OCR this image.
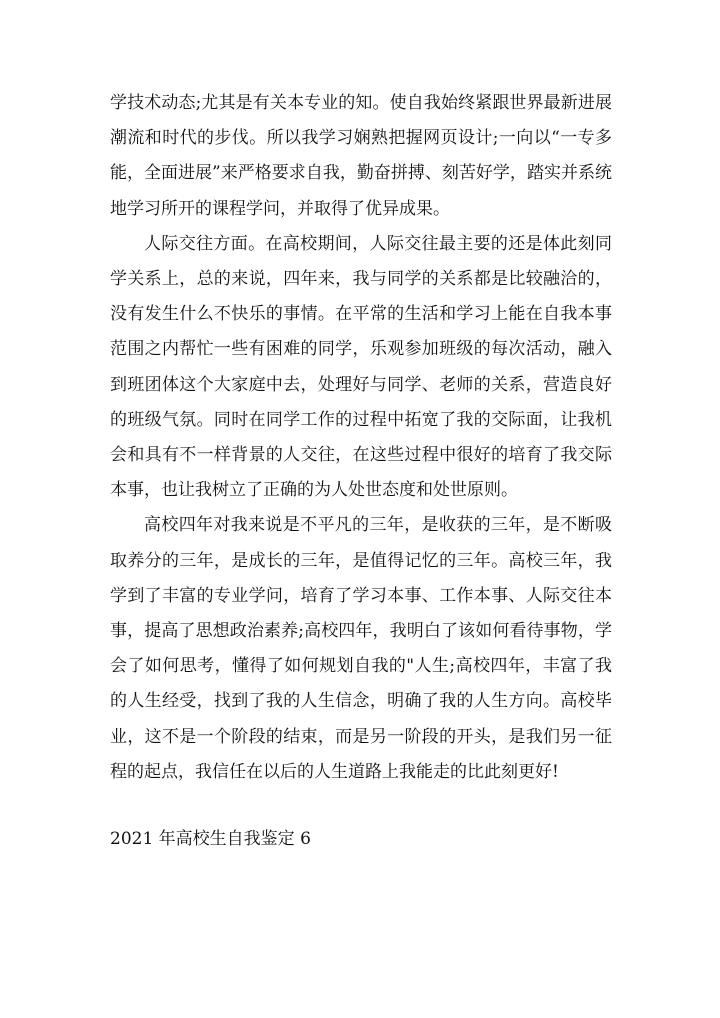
学技术动态;尤其是有关本专业的知。使自我始终紧跟世界最新进展潮流和时代的步伐。所以我学习娴熟把握网页设计;一向以“一专多能，全面进展”来严格要求自我，勤奋拼搏、刻苦好学，踏实并系统地学习所开的课程学问，并取得了优异成果。

人际交往方面。在高校期间，人际交往最主要的还是体此刻同学关系上，总的来说，四年来，我与同学的关系都是比较融洽的，没有发生什么不快乐的事情。在平常的生活和学习上能在自我本事范围之内帮忙一些有困难的同学，乐观参加班级的每次活动，融入到班团体这个大家庭中去，处理好与同学、老师的关系，营造良好的班级气氛。同时在同学工作的过程中拓宽了我的交际面，让我机会和具有不一样背景的人交往，在这些过程中很好的培育了我交际本事，也让我树立了正确的为人处世态度和处世原则。

高校四年对我来说是不平凡的三年，是收获的三年，是不断吸取养分的三年，是成长的三年，是值得记忆的三年。高校三年，我学到了丰富的专业学问，培育了学习本事、工作本事、人际交往本事，提高了思想政治素养;高校四年，我明白了该如何看待事物，学会了如何思考，懂得了如何规划自我的"人生;高校四年，丰富了我的人生经受，找到了我的人生信念，明确了我的人生方向。高校毕业，这不是一个阶段的结束，而是另一阶段的开头，是我们另一征程的起点，我信任在以后的人生道路上我能走的比此刻更好!

2021 年高校生自我鉴定 6
